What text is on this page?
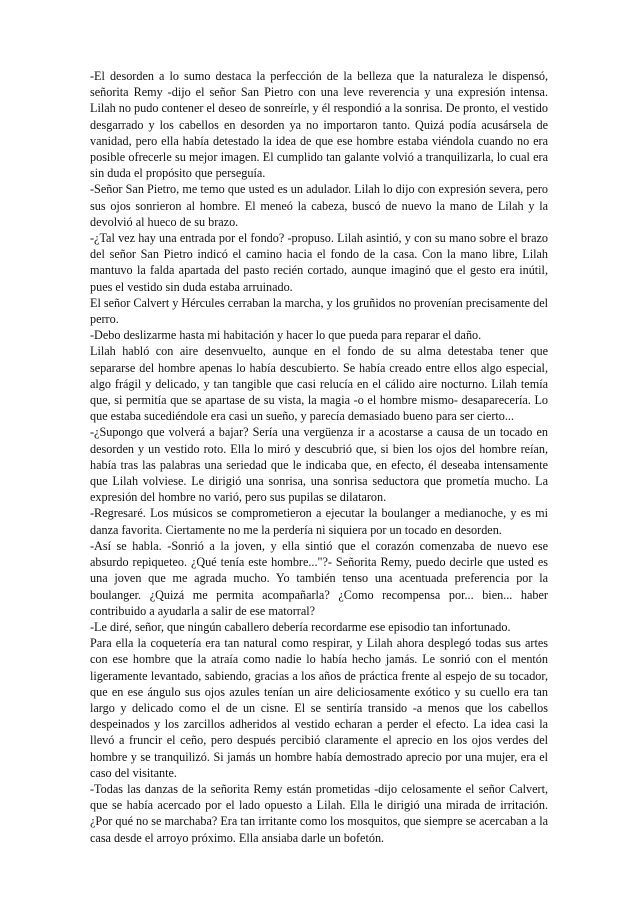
-El desorden a lo sumo destaca la perfección de la belleza que la naturaleza le dispensó, señorita Remy -dijo el señor San Pietro con una leve reverencia y una expresión intensa. Lilah no pudo contener el deseo de sonreírle, y él respondió a la sonrisa. De pronto, el vestido desgarrado y los cabellos en desorden ya no importaron tanto. Quizá podía acusársela de vanidad, pero ella había detestado la idea de que ese hombre estaba viéndola cuando no era posible ofrecerle su mejor imagen. El cumplido tan galante volvió a tranquilizarla, lo cual era sin duda el propósito que perseguía.

-Señor San Pietro, me temo que usted es un adulador. Lilah lo dijo con expresión severa, pero sus ojos sonrieron al hombre. El meneó la cabeza, buscó de nuevo la mano de Lilah y la devolvió al hueco de su brazo.

-¿Tal vez hay una entrada por el fondo? -propuso. Lilah asintió, y con su mano sobre el brazo del señor San Pietro indicó el camino hacia el fondo de la casa. Con la mano libre, Lilah mantuvo la falda apartada del pasto recién cortado, aunque imaginó que el gesto era inútil, pues el vestido sin duda estaba arruinado.

El señor Calvert y Hércules cerraban la marcha, y los gruñidos no provenían precisamente del perro.

-Debo deslizarme hasta mi habitación y hacer lo que pueda para reparar el daño.

Lilah habló con aire desenvuelto, aunque en el fondo de su alma detestaba tener que separarse del hombre apenas lo había descubierto. Se había creado entre ellos algo especial, algo frágil y delicado, y tan tangible que casi relucía en el cálido aire nocturno. Lilah temía que, si permitía que se apartase de su vista, la magia -o el hombre mismo- desaparecería. Lo que estaba sucediéndole era casi un sueño, y parecía demasiado bueno para ser cierto...

-¿Supongo que volverá a bajar? Sería una vergüenza ir a acostarse a causa de un tocado en desorden y un vestido roto. Ella lo miró y descubrió que, si bien los ojos del hombre reían, había tras las palabras una seriedad que le indicaba que, en efecto, él deseaba intensamente que Lilah volviese. Le dirigió una sonrisa, una sonrisa seductora que prometía mucho. La expresión del hombre no varió, pero sus pupilas se dilataron.

-Regresaré. Los músicos se comprometieron a ejecutar la boulanger a medianoche, y es mi danza favorita. Ciertamente no me la perdería ni siquiera por un tocado en desorden.

-Así se habla. -Sonrió a la joven, y ella sintió que el corazón comenzaba de nuevo ese absurdo repiqueteo. ¿Qué tenía este hombre..."?- Señorita Remy, puedo decirle que usted es una joven que me agrada mucho. Yo también tenso una acentuada preferencia por la boulanger. ¿Quizá me permita acompañarla? ¿Como recompensa por... bien... haber contribuido a ayudarla a salir de ese matorral?

-Le diré, señor, que ningún caballero debería recordarme ese episodio tan infortunado.

Para ella la coquetería era tan natural como respirar, y Lilah ahora desplegó todas sus artes con ese hombre que la atraía como nadie lo había hecho jamás. Le sonrió con el mentón ligeramente levantado, sabiendo, gracias a los años de práctica frente al espejo de su tocador, que en ese ángulo sus ojos azules tenían un aire deliciosamente exótico y su cuello era tan largo y delicado como el de un cisne. El se sentiría transido -a menos que los cabellos despeinados y los zarcillos adheridos al vestido echaran a perder el efecto. La idea casi la llevó a fruncir el ceño, pero después percibió claramente el aprecio en los ojos verdes del hombre y se tranquilizó. Si jamás un hombre había demostrado aprecio por una mujer, era el caso del visitante.

-Todas las danzas de la señorita Remy están prometidas -dijo celosamente el señor Calvert, que se había acercado por el lado opuesto a Lilah. Ella le dirigió una mirada de irritación. ¿Por qué no se marchaba? Era tan irritante como los mosquitos, que siempre se acercaban a la casa desde el arroyo próximo. Ella ansiaba darle un bofetón.
